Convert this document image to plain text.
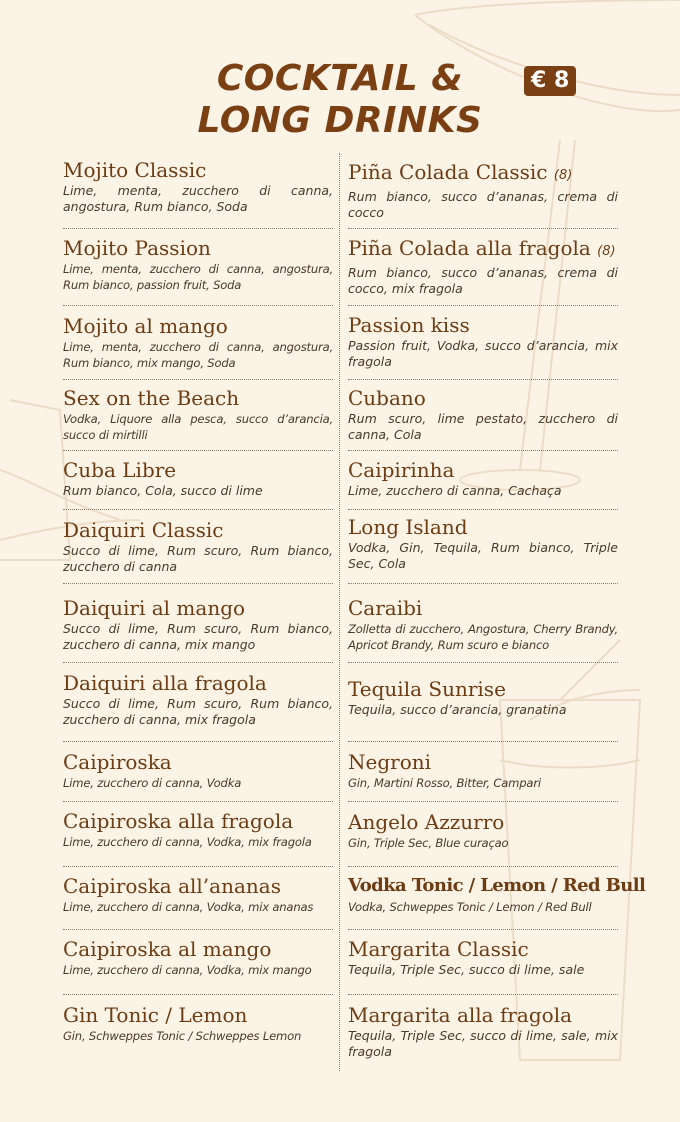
COCKTAIL &
LONG DRINKS
€ 8
Mojito Classic
Lime, menta, zucchero di canna, angostura, Rum bianco, Soda
Mojito Passion
Lime, menta, zucchero di canna, angostura, Rum bianco, passion fruit, Soda
Mojito al mango
Lime, menta, zucchero di canna, angostura, Rum bianco, mix mango, Soda
Sex on the Beach
Vodka, Liquore alla pesca, succo d’arancia, succo di mirtilli
Cuba Libre
Rum bianco, Cola, succo di lime
Daiquiri Classic
Succo di lime, Rum scuro, Rum bianco, zucchero di canna
Daiquiri al mango
Succo di lime, Rum scuro, Rum bianco, zucchero di canna, mix mango
Daiquiri alla fragola
Succo di lime, Rum scuro, Rum bianco, zucchero di canna, mix fragola
Caipiroska
Lime, zucchero di canna, Vodka
Caipiroska alla fragola
Lime, zucchero di canna, Vodka, mix fragola
Caipiroska all’ananas
Lime, zucchero di canna, Vodka, mix ananas
Caipiroska al mango
Lime, zucchero di canna, Vodka, mix mango
Gin Tonic / Lemon
Gin, Schweppes Tonic / Schweppes Lemon
Piña Colada Classic (8)
Rum bianco, succo d’ananas, crema di cocco
Piña Colada alla fragola (8)
Rum bianco, succo d’ananas, crema di cocco, mix fragola
Passion kiss
Passion fruit, Vodka, succo d’arancia, mix fragola
Cubano
Rum scuro, lime pestato, zucchero di canna, Cola
Caipirinha
Lime, zucchero di canna, Cachaça
Long Island
Vodka, Gin, Tequila, Rum bianco, Triple Sec, Cola
Caraibi
Zolletta di zucchero, Angostura, Cherry Brandy, Apricot Brandy, Rum scuro e bianco
Tequila Sunrise
Tequila, succo d’arancia, granatina
Negroni
Gin, Martini Rosso, Bitter, Campari
Angelo Azzurro
Gin, Triple Sec, Blue curaçao
Vodka Tonic / Lemon / Red Bull
Vodka, Schweppes Tonic / Lemon / Red Bull
Margarita Classic
Tequila, Triple Sec, succo di lime, sale
Margarita alla fragola
Tequila, Triple Sec, succo di lime, sale, mix fragola
